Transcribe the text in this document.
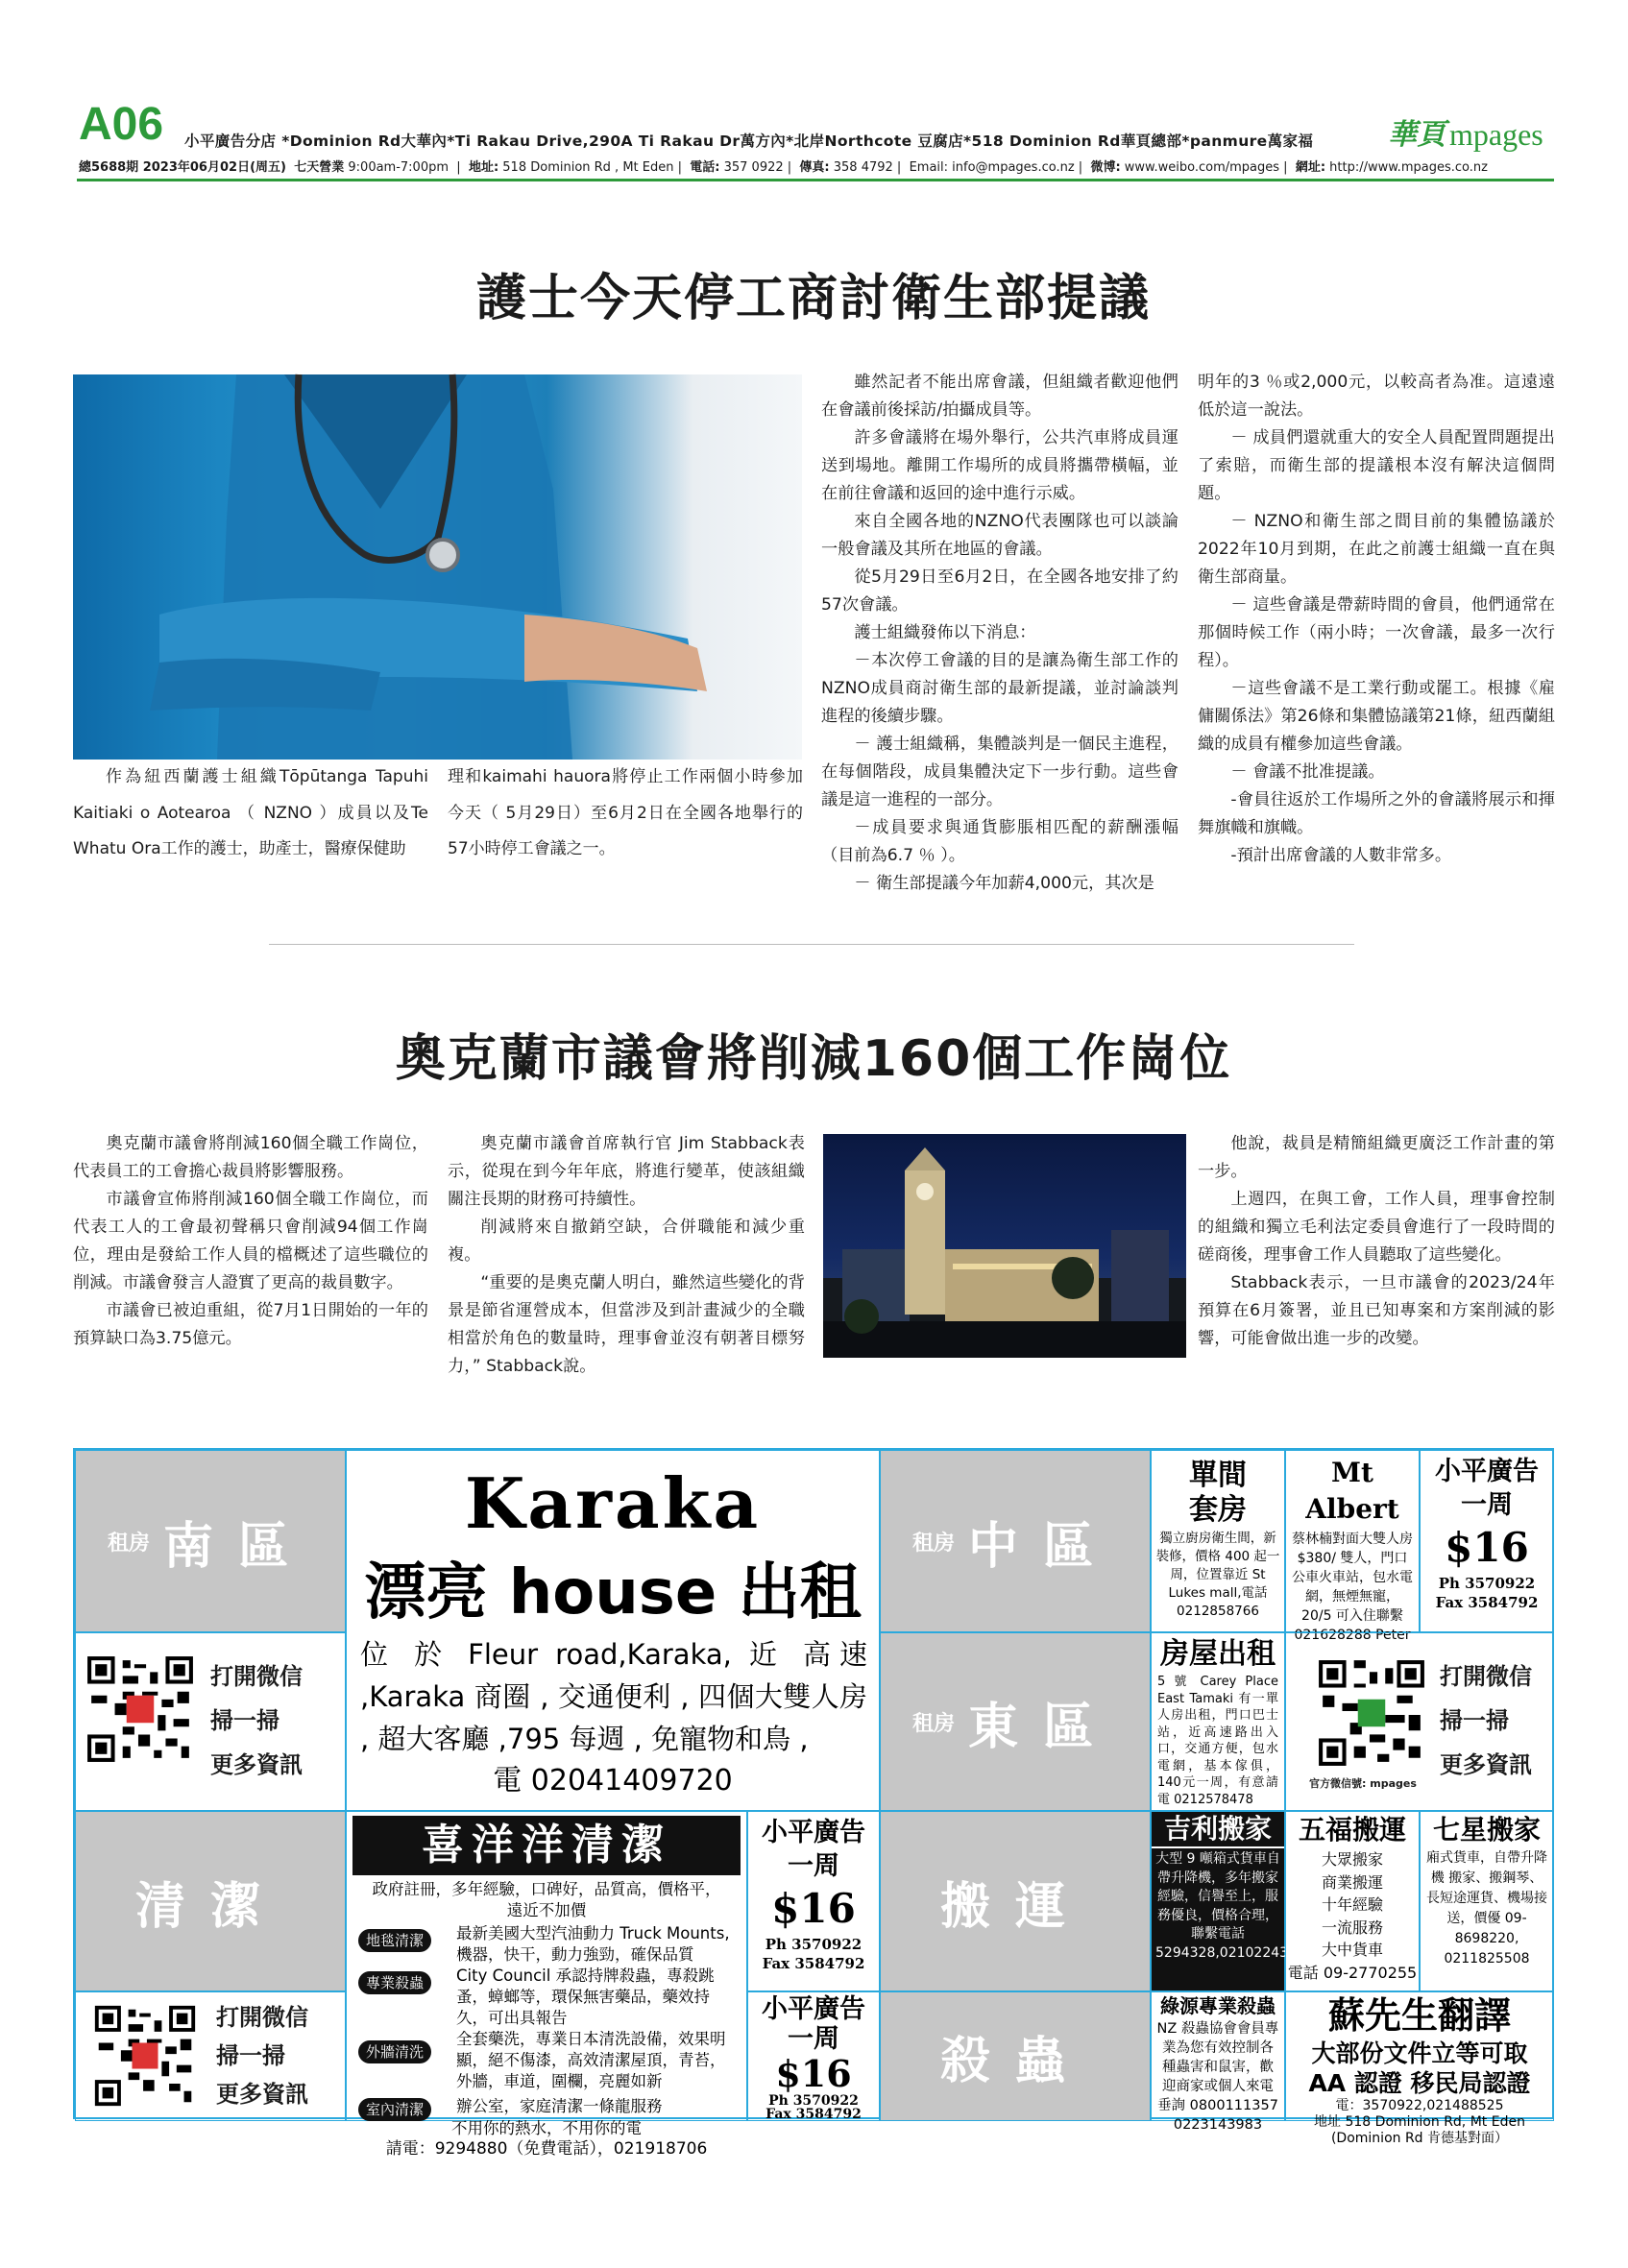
A06 小平廣告分店 *Dominion Rd大華內*Ti Rakau Drive,290A Ti Rakau Dr萬方內*北岸Northcote 豆腐店*518 Dominion Rd華頁總部*panmure萬家福	華頁 mpages
總5688期 2023年06月02日(周五) 七天營業 9:00am-7:00pm  |  地址: 518 Dominion Rd , Mt Eden |  電話: 357 0922 |  傳真: 358 4792 |  Email: info@mpages.co.nz |  微博: www.weibo.com/mpages |  網址: http://www.mpages.co.nz
護士今天停工商討衛生部提議

作為紐西蘭護士組織Tōpūtanga Tapuhi Kaitiaki o Aotearoa （ NZNO ）成員以及Te Whatu Ora工作的護士，助產士，醫療保健助

理和kaimahi hauora將停止工作兩個小時參加今天（ 5月29日）至6月2日在全國各地舉行的57小時停工會議之一。

雖然記者不能出席會議，但組織者歡迎他們在會議前後採訪/拍攝成員等。

許多會議將在場外舉行，公共汽車將成員運送到場地。離開工作場所的成員將攜帶橫幅，並在前往會議和返回的途中進行示威。

來自全國各地的NZNO代表團隊也可以談論一般會議及其所在地區的會議。

從5月29日至6月2日，在全國各地安排了約57次會議。

護士組織發佈以下消息：

－本次停工會議的目的是讓為衛生部工作的NZNO成員商討衛生部的最新提議，並討論談判進程的後續步驟。

－ 護士組織稱，集體談判是一個民主進程，在每個階段，成員集體決定下一步行動。這些會議是這一進程的一部分。

－成員要求與通貨膨脹相匹配的薪酬漲幅（目前為6.7 ％ ）。

－ 衛生部提議今年加薪4,000元，其次是

明年的3 ％或2,000元，以較高者為准。這遠遠低於這一說法。

－ 成員們還就重大的安全人員配置問題提出了索賠，而衛生部的提議根本沒有解決這個問題。

－ NZNO和衛生部之間目前的集體協議於2022年10月到期，在此之前護士組織一直在與衛生部商量。

－ 這些會議是帶薪時間的會員，他們通常在那個時候工作（兩小時；一次會議，最多一次行程）。

－這些會議不是工業行動或罷工。根據《雇傭關係法》第26條和集體協議第21條，紐西蘭組織的成員有權參加這些會議。

－ 會議不批准提議。

-會員往返於工作場所之外的會議將展示和揮舞旗幟和旗幟。

-預計出席會議的人數非常多。

奧克蘭市議會將削減160個工作崗位

奧克蘭市議會將削減160個全職工作崗位，代表員工的工會擔心裁員將影響服務。

市議會宣佈將削減160個全職工作崗位，而代表工人的工會最初聲稱只會削減94個工作崗位，理由是發給工作人員的檔概述了這些職位的削減。市議會發言人證實了更高的裁員數字。

市議會已被迫重組，從7月1日開始的一年的預算缺口為3.75億元。

奧克蘭市議會首席執行官 Jim Stabback表示，從現在到今年年底，將進行變革，使該組織關注長期的財務可持續性。

削減將來自撤銷空缺，合併職能和減少重複。

“重要的是奧克蘭人明白，雖然這些變化的背景是節省運營成本，但當涉及到計畫減少的全職相當於角色的數量時，理事會並沒有朝著目標努力，” Stabback說。

他說，裁員是精簡組織更廣泛工作計畫的第一步。

上週四，在與工會，工作人員，理事會控制的組織和獨立毛利法定委員會進行了一段時間的磋商後，理事會工作人員聽取了這些變化。

Stabback表示，一旦市議會的2023/24年預算在6月簽署，並且已知專案和方案削減的影響，可能會做出進一步的改變。

租房 南區
Karaka
漂亮 house 出租
位 於 Fleur road,Karaka, 近 高速 ,Karaka 商圈 , 交通便利 , 四個大雙人房 , 超大客廳 ,795 每週 , 免寵物和鳥 ,
電 02041409720
打開微信
掃一掃
更多資訊
租房 中區
單間
套房
獨立廚房衛生間，新裝修，價格 400 起一周，位置靠近 St Lukes mall,電話 0212858766
Mt Albert
蔡林楠對面大雙人房 $380/ 雙人，門口公車火車站，包水電網，無煙無寵，20/5 可入住聯繫 021628288 Peter
小平廣告
一周
$16
Ph 3570922
Fax 3584792
租房 東區
房屋出租
5 號 Carey Place East Tamaki 有一單人房出租，門口巴士站，近高速路出入口，交通方便，包水電網，基本傢俱，140元一周，有意請電 0212578478
打開微信
掃一掃
更多資訊
官方微信號: mpages
清潔
喜洋洋清潔
政府註冊，多年經驗，口碑好，品質高，價格平，遠近不加價
地毯清潔	最新美國大型汽油動力 Truck Mounts,機器，快干，動力強勁，確保品質
專業殺蟲	City Council 承認持牌殺蟲，專殺跳蚤，蟑螂等，環保無害藥品，藥效持久，可出具報告
外牆清洗
全套藥洗，專業日本清洗設備，效果明顯，絕不傷漆，高效清潔屋頂，青苔，外牆，車道，圍欄，亮麗如新
室內清潔	辦公室，家庭清潔一條龍服務
不用你的熱水，不用你的電
請電：9294880（免費電話），021918706
小平廣告
一周
$16
Ph 3570922
Fax 3584792
打開微信
掃一掃
更多資訊
小平廣告
一周
$16
Ph 3570922
Fax 3584792
搬運
吉利搬家
大型 9 噸箱式貨車自帶升降機，多年搬家經驗，信譽至上，服務優良，價格合理，聯繫電話 5294328,02102243108
五福搬運
大眾搬家
商業搬運
十年經驗
一流服務
大中貨車
電話 09-2770255
七星搬家
廂式貨車，自帶升降機 搬家、搬鋼琴、長短途運貨、機場接送，價優 09-8698220, 0211825508
殺蟲
綠源專業殺蟲
NZ 殺蟲協會會員專業為您有效控制各種蟲害和鼠害，歡迎商家或個人來電垂詢 0800111357 0223143983
蘇先生翻譯
大部份文件立等可取
AA 認證 移民局認證
電：3570922,021488525
地址 518 Dominion Rd, Mt Eden
(Dominion Rd 肯德基對面）
